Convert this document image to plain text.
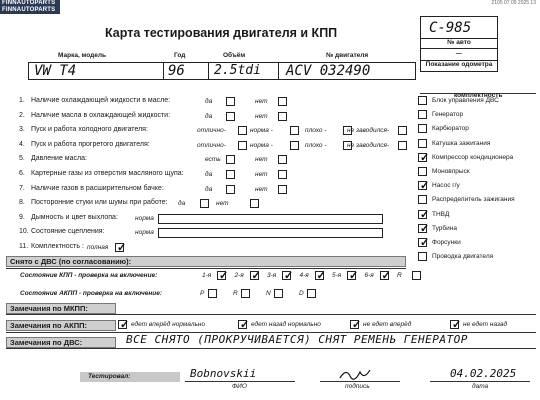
FINNAUTOPARTS
FINNAUTOPARTS
2105 07 09 2025 13
Карта тестирования двигателя и КПП	C-985
№ авто
—
Показание одометра
Марка, модель	Год	Объём	№ двигателя
VW T4	96 2.5tdi ACV 032490
комплектность
1. Наличие охлаждающей жидкости в масле:	да	нет
2. Наличие масла в охлаждающей жидкости:	да	нет
3. Пуск и работа холодного двигателя:	отлично-	норма -	плохо -	не заводился-
4. Пуск и работа прогретого двигателя:	отлично-	норма -	плохо -	не заводился-
5. Давление масла:	есть	нет
6. Картерные газы из отверстия масляного щупа:	да	нет
7. Наличие газов в расширительном бачке:	да	нет
8. Посторонние стуки или шумы при работе: да	нет
9. Дымность и цвет выхлопа:	норма
10. Состояние сцепления:	норма
11. Комплектность : полная ✓
Блок управления ДВС
Генератор
Карбюратор
Катушка зажигания
✓ Компрессор кондиционера
Моновпрыск
✓ Насос г/у
Распределитель зажигания
✓ ТНВД
✓ Турбина
✓ Форсунки
Проводка двигателя
Снято с ДВС (по согласованию):
Состояние КПП - проверка на включение:	1-я ✓ 2-я ✓ 3-я ✓ 4-я ✓ 5-я ✓ 6-я ✓ R
Состояние АКПП - проверка на включение:	P	R	N	D
Замечания по МКПП:
Замечания по АКПП:	✓ едет вперёд нормально	✓ едет назад нормально	✓ не едет вперёд	✓ не едет назад
Замечания по ДВС:	ВСЕ СНЯТО (ПРОКРУЧИВАЕТСЯ) СНЯТ РЕМЕНЬ ГЕНЕРАТОР
Тестировал:	Bobnovskii
ФИО	подпись
04.02.2025
дата
